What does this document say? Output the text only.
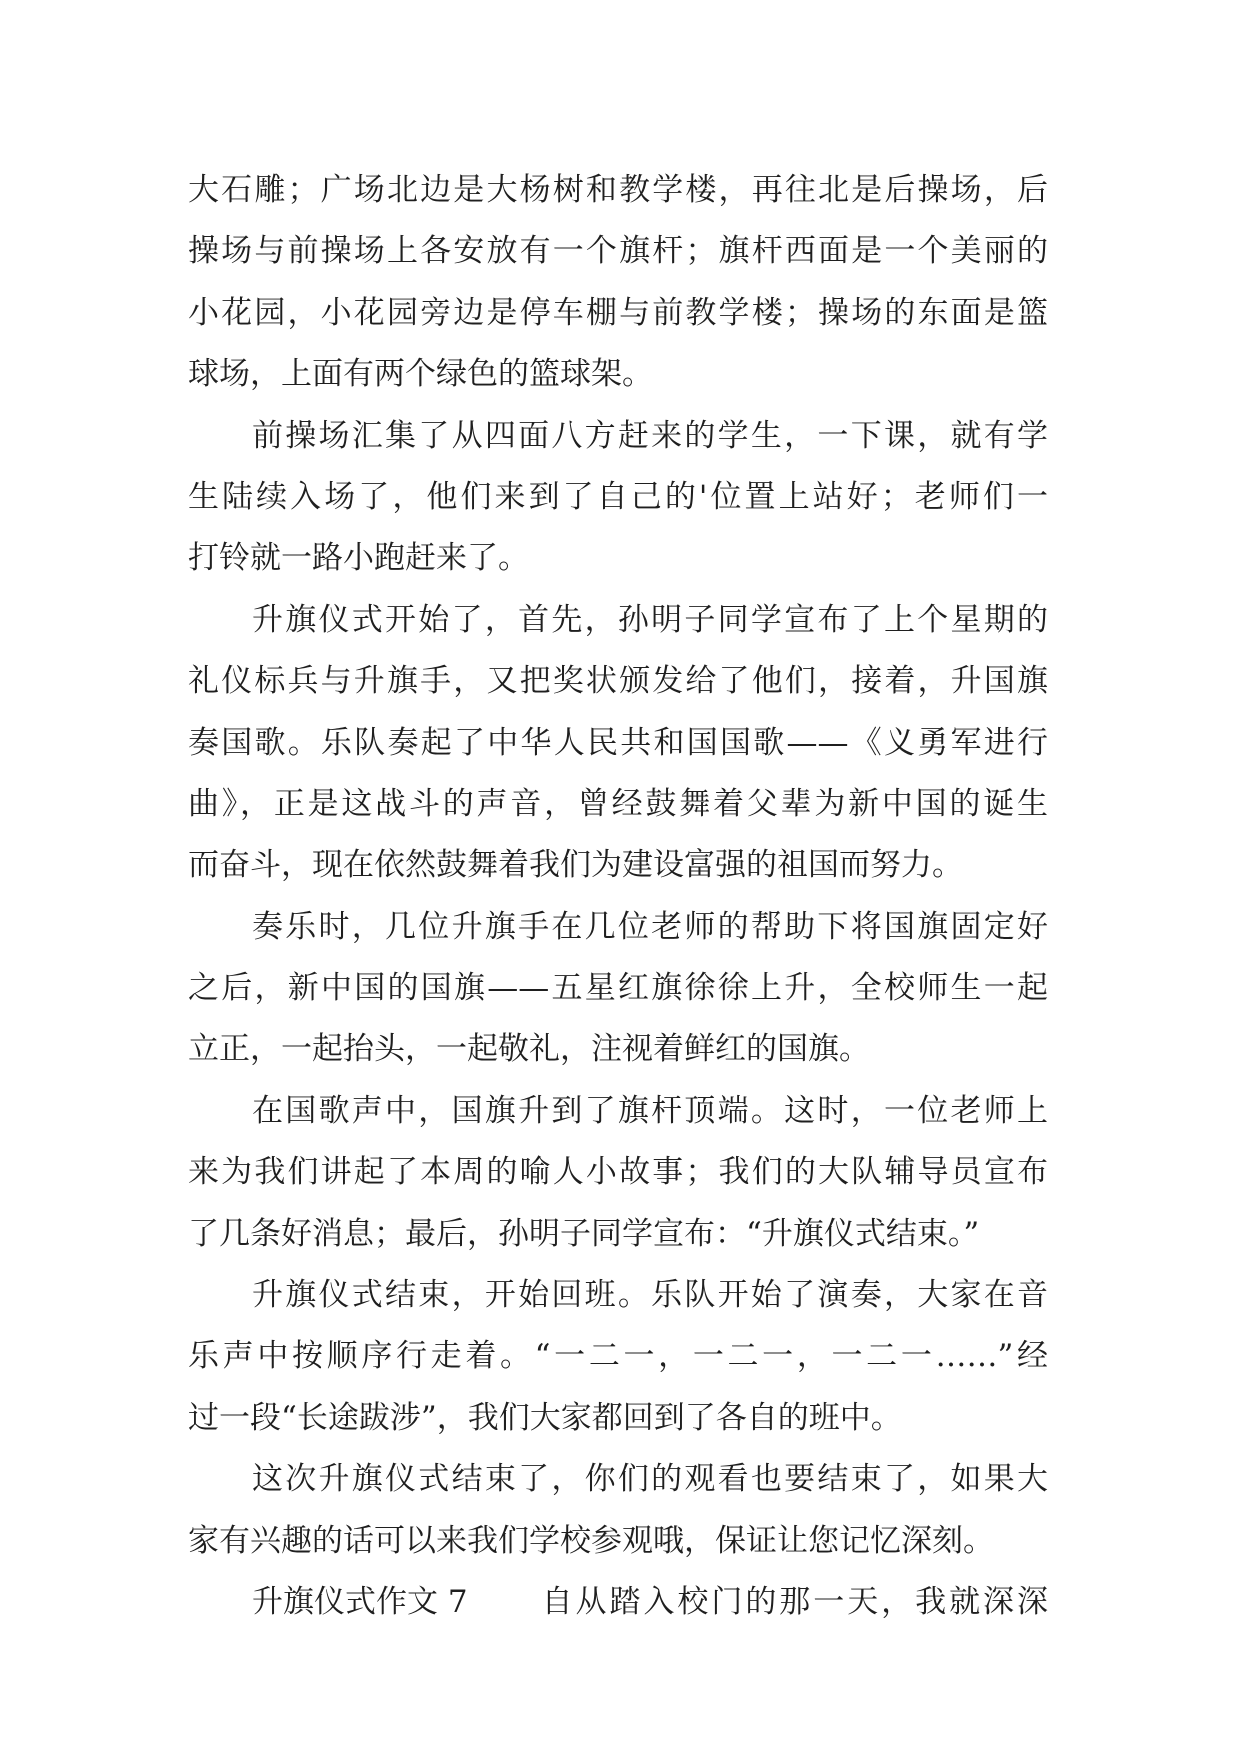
大石雕；广场北边是大杨树和教学楼，再往北是后操场，后
操场与前操场上各安放有一个旗杆；旗杆西面是一个美丽的
小花园，小花园旁边是停车棚与前教学楼；操场的东面是篮
球场，上面有两个绿色的篮球架。
前操场汇集了从四面八方赶来的学生，一下课，就有学
生陆续入场了，他们来到了自己的'位置上站好；老师们一
打铃就一路小跑赶来了。
升旗仪式开始了，首先，孙明子同学宣布了上个星期的
礼仪标兵与升旗手，又把奖状颁发给了他们，接着，升国旗
奏国歌。乐队奏起了中华人民共和国国歌——《义勇军进行
曲》，正是这战斗的声音，曾经鼓舞着父辈为新中国的诞生
而奋斗，现在依然鼓舞着我们为建设富强的祖国而努力。
奏乐时，几位升旗手在几位老师的帮助下将国旗固定好
之后，新中国的国旗——五星红旗徐徐上升，全校师生一起
立正，一起抬头，一起敬礼，注视着鲜红的国旗。
在国歌声中，国旗升到了旗杆顶端。这时，一位老师上
来为我们讲起了本周的喻人小故事；我们的大队辅导员宣布
了几条好消息；最后，孙明子同学宣布：“升旗仪式结束。”
升旗仪式结束，开始回班。乐队开始了演奏，大家在音
乐声中按顺序行走着。“一二一，一二一，一二一……”经
过一段“长途跋涉”，我们大家都回到了各自的班中。
这次升旗仪式结束了，你们的观看也要结束了，如果大
家有兴趣的话可以来我们学校参观哦，保证让您记忆深刻。
升旗仪式作文 7 自从踏入校门的那一天，我就深深
